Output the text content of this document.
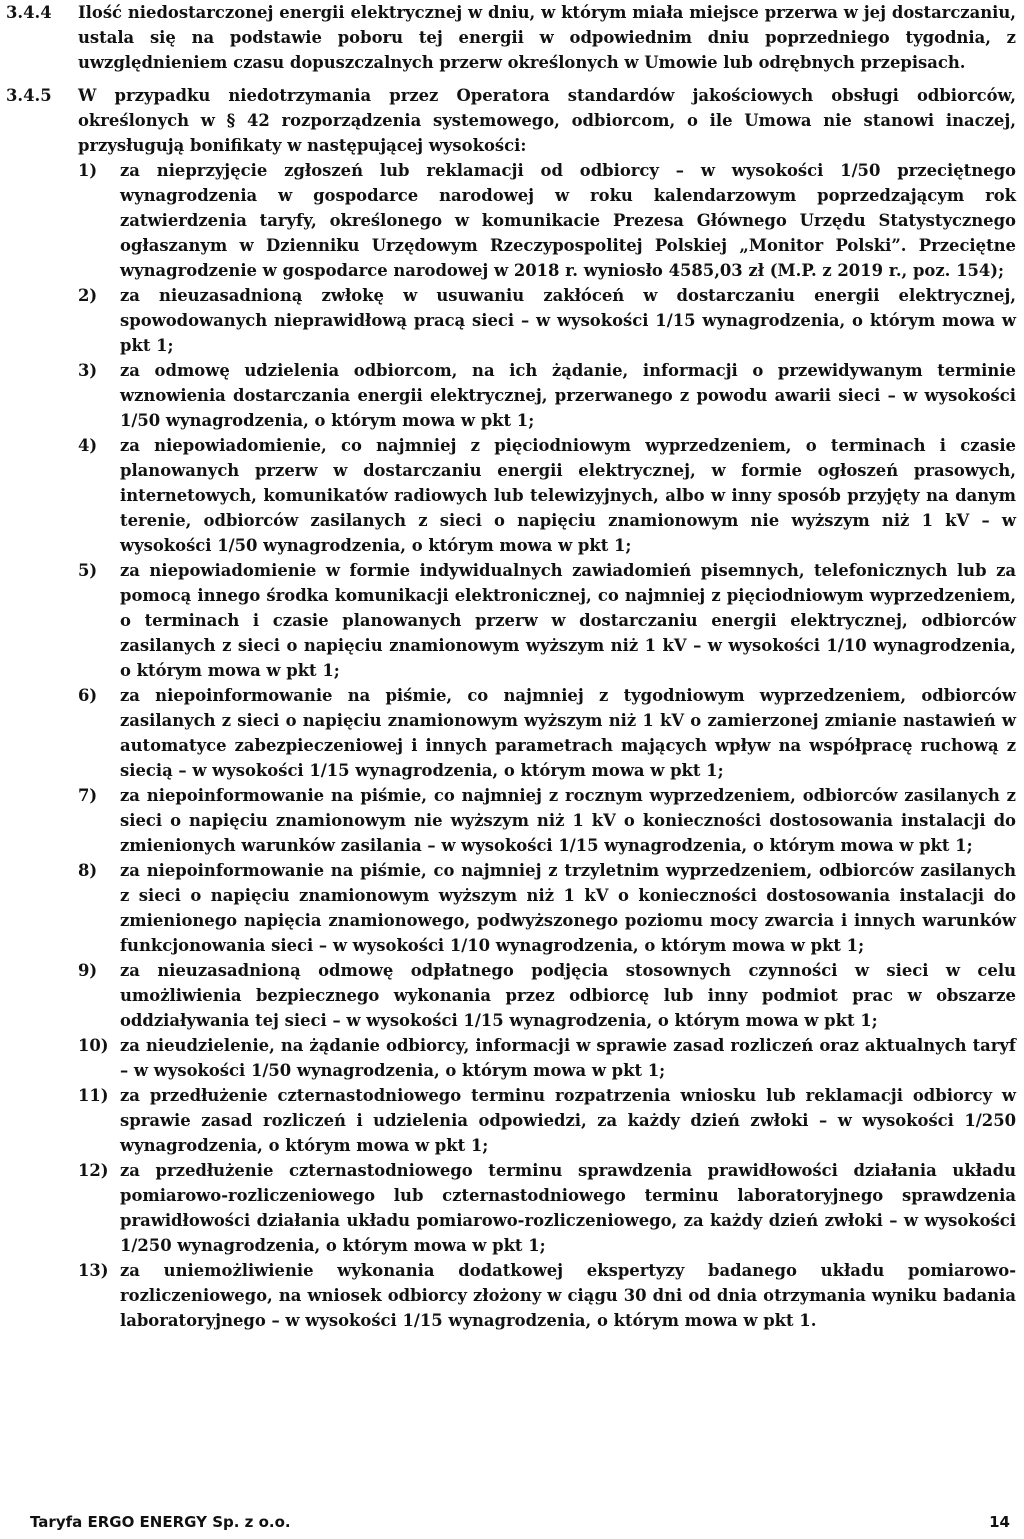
3.4.4	Ilość niedostarczonej energii elektrycznej w dniu, w którym miała miejsce przerwa w jej dostarczaniu, ustala się na podstawie poboru tej energii w odpowiednim dniu poprzedniego tygodnia, z uwzględnieniem czasu dopuszczalnych przerw określonych w Umowie lub odrębnych przepisach.

3.4.5	W przypadku niedotrzymania przez Operatora standardów jakościowych obsługi odbiorców, określonych w § 42 rozporządzenia systemowego, odbiorcom, o ile Umowa nie stanowi inaczej, przysługują bonifikaty w następującej wysokości:

1)	za nieprzyjęcie zgłoszeń lub reklamacji od odbiorcy – w wysokości 1/50 przeciętnego wynagrodzenia w gospodarce narodowej w roku kalendarzowym poprzedzającym rok zatwierdzenia taryfy, określonego w komunikacie Prezesa Głównego Urzędu Statystycznego ogłaszanym w Dzienniku Urzędowym Rzeczypospolitej Polskiej „Monitor Polski”. Przeciętne wynagrodzenie w gospodarce narodowej w 2018 r. wyniosło 4585,03 zł (M.P. z 2019 r., poz. 154);
2)	za nieuzasadnioną zwłokę w usuwaniu zakłóceń w dostarczaniu energii elektrycznej, spowodowanych nieprawidłową pracą sieci – w wysokości 1/15 wynagrodzenia, o którym mowa w pkt 1;
3)	za odmowę udzielenia odbiorcom, na ich żądanie, informacji o przewidywanym terminie wznowienia dostarczania energii elektrycznej, przerwanego z powodu awarii sieci – w wysokości 1/50 wynagrodzenia, o którym mowa w pkt 1;
4)	za niepowiadomienie, co najmniej z pięciodniowym wyprzedzeniem, o terminach i czasie planowanych przerw w dostarczaniu energii elektrycznej, w formie ogłoszeń prasowych, internetowych, komunikatów radiowych lub telewizyjnych, albo w inny sposób przyjęty na danym terenie, odbiorców zasilanych z sieci o napięciu znamionowym nie wyższym niż 1 kV – w wysokości 1/50 wynagrodzenia, o którym mowa w pkt 1;
5)	za niepowiadomienie w formie indywidualnych zawiadomień pisemnych, telefonicznych lub za pomocą innego środka komunikacji elektronicznej, co najmniej z pięciodniowym wyprzedzeniem, o terminach i czasie planowanych przerw w dostarczaniu energii elektrycznej, odbiorców zasilanych z sieci o napięciu znamionowym wyższym niż 1 kV – w wysokości 1/10 wynagrodzenia, o którym mowa w pkt 1;
6)	za niepoinformowanie na piśmie, co najmniej z tygodniowym wyprzedzeniem, odbiorców zasilanych z sieci o napięciu znamionowym wyższym niż 1 kV o zamierzonej zmianie nastawień w automatyce zabezpieczeniowej i innych parametrach mających wpływ na współpracę ruchową z siecią – w wysokości 1/15 wynagrodzenia, o którym mowa w pkt 1;
7)	za niepoinformowanie na piśmie, co najmniej z rocznym wyprzedzeniem, odbiorców zasilanych z sieci o napięciu znamionowym nie wyższym niż 1 kV o konieczności dostosowania instalacji do zmienionych warunków zasilania – w wysokości 1/15 wynagrodzenia, o którym mowa w pkt 1;
8)	za niepoinformowanie na piśmie, co najmniej z trzyletnim wyprzedzeniem, odbiorców zasilanych z sieci o napięciu znamionowym wyższym niż 1 kV o konieczności dostosowania instalacji do zmienionego napięcia znamionowego, podwyższonego poziomu mocy zwarcia i innych warunków funkcjonowania sieci – w wysokości 1/10 wynagrodzenia, o którym mowa w pkt 1;
9)	za nieuzasadnioną odmowę odpłatnego podjęcia stosownych czynności w sieci w celu umożliwienia bezpiecznego wykonania przez odbiorcę lub inny podmiot prac w obszarze oddziaływania tej sieci – w wysokości 1/15 wynagrodzenia, o którym mowa w pkt 1;
10) za nieudzielenie, na żądanie odbiorcy, informacji w sprawie zasad rozliczeń oraz aktualnych taryf – w wysokości 1/50 wynagrodzenia, o którym mowa w pkt 1;
11) za przedłużenie czternastodniowego terminu rozpatrzenia wniosku lub reklamacji odbiorcy w sprawie zasad rozliczeń i udzielenia odpowiedzi, za każdy dzień zwłoki – w wysokości 1/250 wynagrodzenia, o którym mowa w pkt 1;
12) za przedłużenie czternastodniowego terminu sprawdzenia prawidłowości działania układu pomiarowo-rozliczeniowego lub czternastodniowego terminu laboratoryjnego sprawdzenia prawidłowości działania układu pomiarowo-rozliczeniowego, za każdy dzień zwłoki – w wysokości 1/250 wynagrodzenia, o którym mowa w pkt 1;
13) za uniemożliwienie wykonania dodatkowej ekspertyzy badanego układu pomiarowo-rozliczeniowego, na wniosek odbiorcy złożony w ciągu 30 dni od dnia otrzymania wyniku badania laboratoryjnego – w wysokości 1/15 wynagrodzenia, o którym mowa w pkt 1.
Taryfa ERGO ENERGY Sp. z o.o.	14
